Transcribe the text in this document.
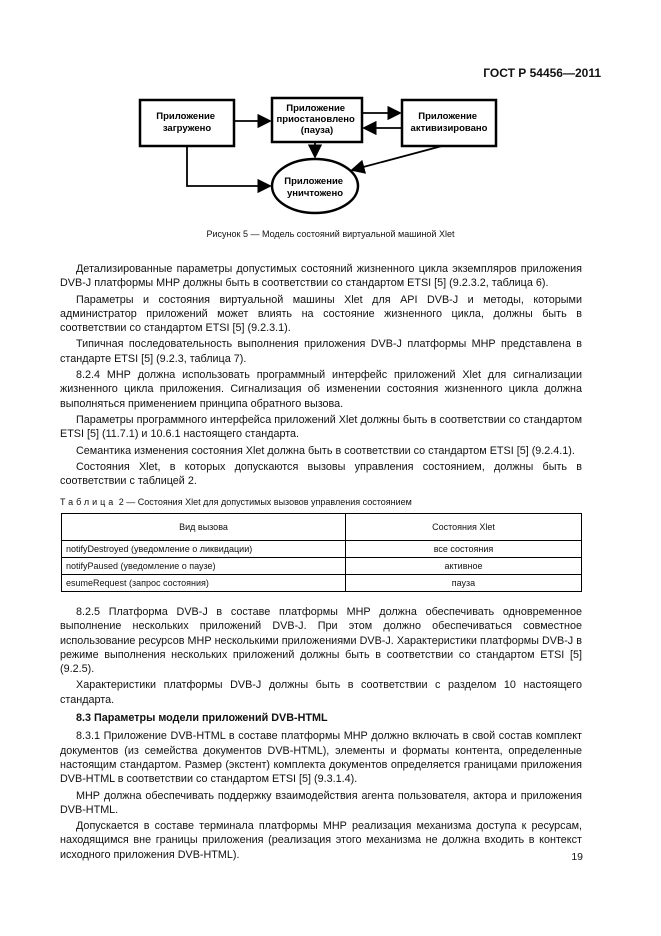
ГОСТ Р 54456—2011
Приложение загружено
Приложение приостановлено (пауза)
Приложение активизировано
Приложение уничтожено
Рисунок 5 — Модель состояний виртуальной машиной Xlet

Детализированные параметры допустимых состояний жизненного цикла экземпляров приложения DVB-J платформы МНР должны быть в соответствии со стандартом ETSI [5] (9.2.3.2, таблица 6).

Параметры и состояния виртуальной машины Xlet для API DVB-J и методы, которыми администратор приложений может влиять на состояние жизненного цикла, должны быть в соответствии со стандартом ETSI [5] (9.2.3.1).

Типичная последовательность выполнения приложения DVB-J платформы МНР представлена в стандарте ETSI [5] (9.2.3, таблица 7).

8.2.4 МНР должна использовать программный интерфейс приложений Xlet для сигнализации жизненного цикла приложения. Сигнализация об изменении состояния жизненного цикла должна выполняться применением принципа обратного вызова.

Параметры программного интерфейса приложений Xlet должны быть в соответствии со стандартом ETSI [5] (11.7.1) и 10.6.1 настоящего стандарта.

Семантика изменения состояния Xlet должна быть в соответствии со стандартом ETSI [5] (9.2.4.1).

Состояния Xlet, в которых допускаются вызовы управления состоянием, должны быть в соответствии с таблицей 2.

Таблица 2 — Состояния Xlet для допустимых вызовов управления состоянием
Вид вызова	Состояния Xlet
notifyDestroyed (уведомление о ликвидации)	все состояния
notifyPaused (уведомление о паузе)	активное
esumeRequest (запрос состояния)	пауза

8.2.5 Платформа DVB-J в составе платформы МНР должна обеспечивать одновременное выполнение нескольких приложений DVB-J. При этом должно обеспечиваться совместное использование ресурсов МНР несколькими приложениями DVB-J. Характеристики платформы DVB-J в режиме выполнения нескольких приложений должны быть в соответствии со стандартом ETSI [5] (9.2.5).

Характеристики платформы DVB-J должны быть в соответствии с разделом 10 настоящего стандарта.

8.3 Параметры модели приложений DVB-HTML

8.3.1 Приложение DVB-HTML в составе платформы МНР должно включать в свой состав комплект документов (из семейства документов DVB-HTML), элементы и форматы контента, определенные настоящим стандартом. Размер (экстент) комплекта документов определяется границами приложения DVB-HTML в соответствии со стандартом ETSI [5] (9.3.1.4).

МНР должна обеспечивать поддержку взаимодействия агента пользователя, актора и приложения DVB-HTML.

Допускается в составе терминала платформы МНР реализация механизма доступа к ресурсам, находящимся вне границы приложения (реализация этого механизма не должна входить в контекст исходного приложения DVB-HTML).	19
